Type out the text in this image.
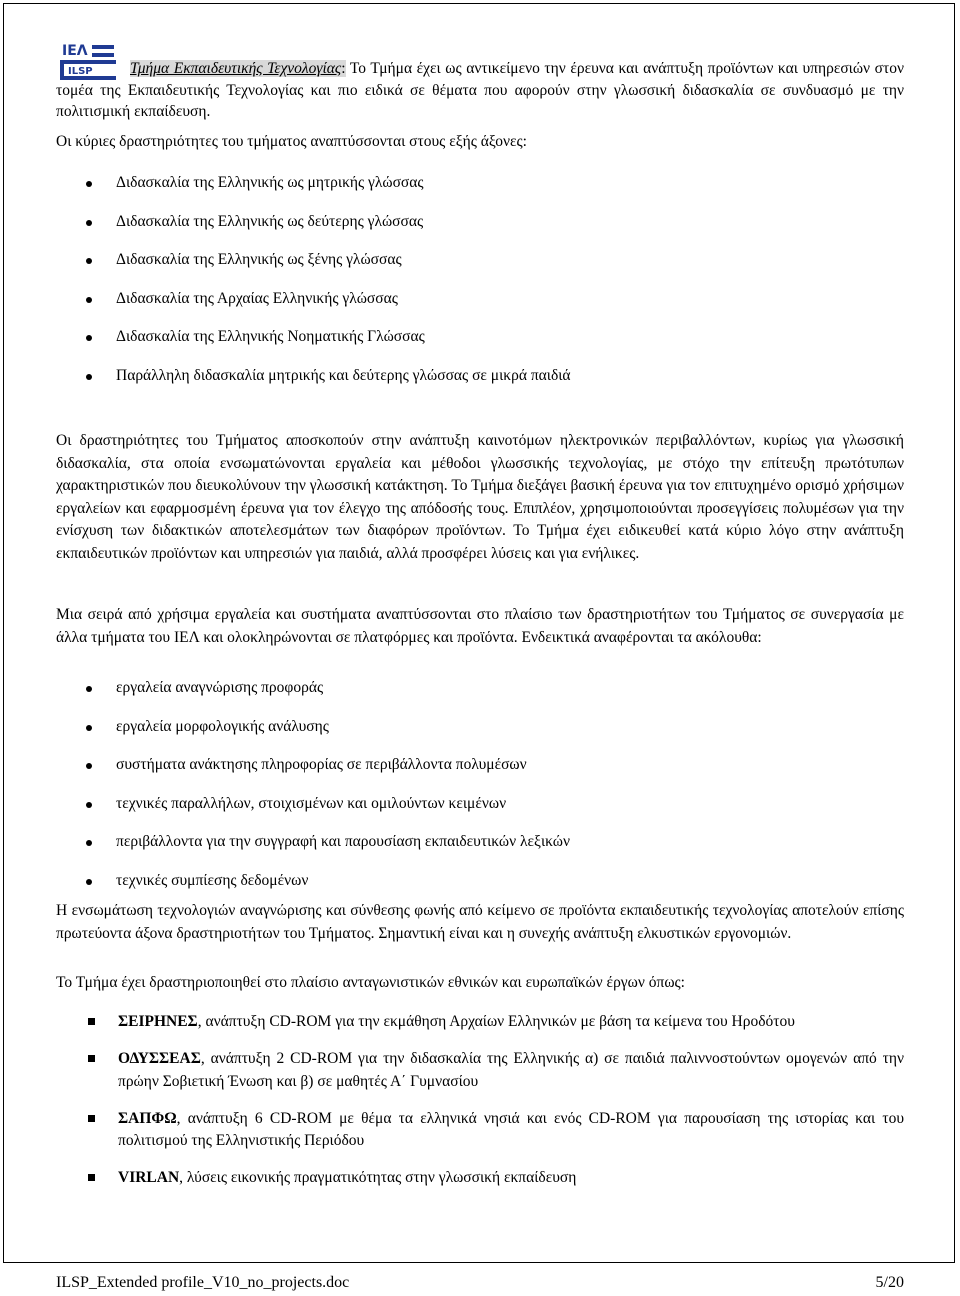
ΙΕΛ
ILSP	Τμήμα Εκπαιδευτικής Τεχνολογίας: Το Τμήμα έχει ως αντικείμενο την έρευνα και ανάπτυξη προϊόντων και υπηρεσιών στον τομέα της Εκπαιδευτικής Τεχνολογίας και πιο ειδικά σε θέματα που αφορούν στην γλωσσική διδασκαλία σε συνδυασμό με την πολιτισμική εκπαίδευση.

Οι κύριες δραστηριότητες του τμήματος αναπτύσσονται στους εξής άξονες:

Διδασκαλία της Ελληνικής ως μητρικής γλώσσας
Διδασκαλία της Ελληνικής ως δεύτερης γλώσσας
Διδασκαλία της Ελληνικής ως ξένης γλώσσας
Διδασκαλία της Αρχαίας Ελληνικής γλώσσας
Διδασκαλία της Ελληνικής Νοηματικής Γλώσσας
Παράλληλη διδασκαλία μητρικής και δεύτερης γλώσσας σε μικρά παιδιά

Οι δραστηριότητες του Τμήματος αποσκοπούν στην ανάπτυξη καινοτόμων ηλεκτρονικών περιβαλλόντων, κυρίως για γλωσσική διδασκαλία, στα οποία ενσωματώνονται εργαλεία και μέθοδοι γλωσσικής τεχνολογίας, με στόχο την επίτευξη πρωτότυπων χαρακτηριστικών που διευκολύνουν την γλωσσική κατάκτηση. Το Τμήμα διεξάγει βασική έρευνα για τον επιτυχημένο ορισμό χρήσιμων εργαλείων και εφαρμοσμένη έρευνα για τον έλεγχο της απόδοσής τους. Επιπλέον, χρησιμοποιούνται προσεγγίσεις πολυμέσων για την ενίσχυση των διδακτικών αποτελεσμάτων των διαφόρων προϊόντων. Το Τμήμα έχει ειδικευθεί κατά κύριο λόγο στην ανάπτυξη εκπαιδευτικών προϊόντων και υπηρεσιών για παιδιά, αλλά προσφέρει λύσεις και για ενήλικες.

Μια σειρά από χρήσιμα εργαλεία και συστήματα αναπτύσσονται στο πλαίσιο των δραστηριοτήτων του Τμήματος σε συνεργασία με άλλα τμήματα του ΙΕΛ και ολοκληρώνονται σε πλατφόρμες και προϊόντα. Ενδεικτικά αναφέρονται τα ακόλουθα:

εργαλεία αναγνώρισης προφοράς
εργαλεία μορφολογικής ανάλυσης
συστήματα ανάκτησης πληροφορίας σε περιβάλλοντα πολυμέσων
τεχνικές παραλλήλων, στοιχισμένων και ομιλούντων κειμένων
περιβάλλοντα για την συγγραφή και παρουσίαση εκπαιδευτικών λεξικών
τεχνικές συμπίεσης δεδομένων

Η ενσωμάτωση τεχνολογιών αναγνώρισης και σύνθεσης φωνής από κείμενο σε προϊόντα εκπαιδευτικής τεχνολογίας αποτελούν επίσης πρωτεύοντα άξονα δραστηριοτήτων του Τμήματος. Σημαντική είναι και η συνεχής ανάπτυξη ελκυστικών εργονομιών.

Το Τμήμα έχει δραστηριοποιηθεί στο πλαίσιο ανταγωνιστικών εθνικών και ευρωπαϊκών έργων όπως:

ΣΕΙΡΗΝΕΣ, ανάπτυξη CD-ROM για την εκμάθηση Αρχαίων Ελληνικών με βάση τα κείμενα του Ηροδότου
ΟΔΥΣΣΕΑΣ, ανάπτυξη 2 CD-ROM για την διδασκαλία της Ελληνικής α) σε παιδιά παλιννοστούντων ομογενών από την πρώην Σοβιετική Ένωση και β) σε μαθητές Α΄ Γυμνασίου
ΣΑΠΦΩ, ανάπτυξη 6 CD-ROM με θέμα τα ελληνικά νησιά και ενός CD-ROM για παρουσίαση της ιστορίας και του πολιτισμού της Ελληνιστικής Περιόδου
VIRLAN, λύσεις εικονικής πραγματικότητας στην γλωσσική εκπαίδευση
ILSP_Extended profile_V10_no_projects.doc	5/20
